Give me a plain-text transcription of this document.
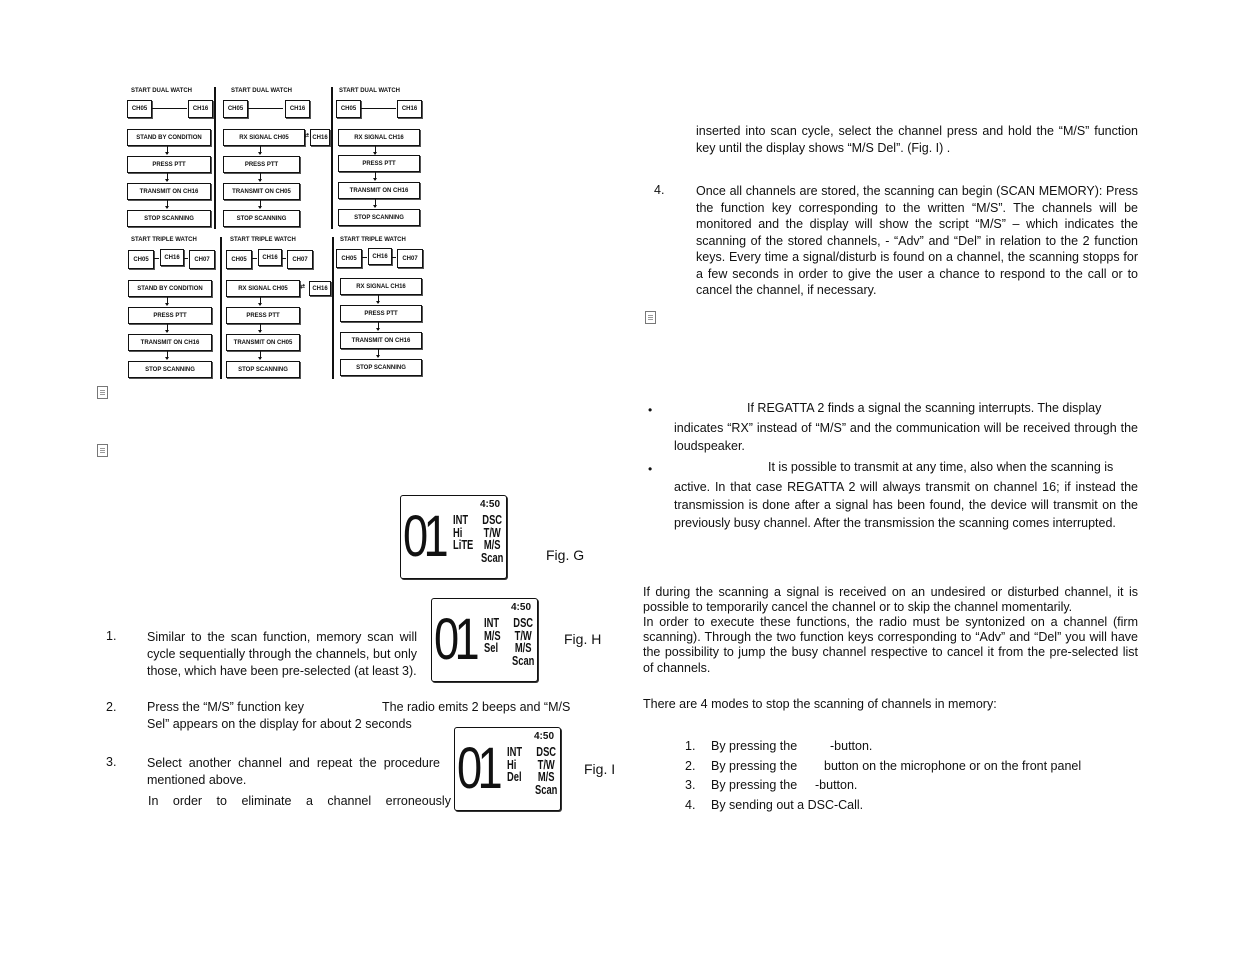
START DUAL WATCH
CH05	CH16
STAND BY CONDITION
PRESS PTT
TRANSMIT ON CH16
STOP SCANNING
START DUAL WATCH
CH05	CH16
RX SIGNAL CH05	⇄ CH16
PRESS PTT
TRANSMIT ON CH05
STOP SCANNING
START DUAL WATCH
CH05	CH16
RX SIGNAL CH16
PRESS PTT
TRANSMIT ON CH16
STOP SCANNING
START TRIPLE WATCH
CH05	CH16	CH07
STAND BY CONDITION
PRESS PTT
TRANSMIT ON CH16
STOP SCANNING
START TRIPLE WATCH
CH05	CH16	CH07
RX SIGNAL CH05	⇄	CH16
PRESS PTT
TRANSMIT ON CH05
STOP SCANNING
START TRIPLE WATCH
CH05	CH16	CH07
RX SIGNAL CH16
PRESS PTT
TRANSMIT ON CH16
STOP SCANNING
4:50
01 INT
Hi
LiTE
DSC
T/W
M/S
Scan	Fig. G
4:50
01 INT
M/S
Sel
DSC
T/W
M/S
Scan
Fig. H
4:50
01 INT
Hi
Del
DSC
T/W
M/S
Scan
Fig. I
1. Similar to the scan function, memory scan will cycle sequentially through the channels, but only those, which have been pre-selected (at least 3).
2. Press the “M/S” function key	The radio emits 2 beeps and “M/S
Sel” appears on the display for about 2 seconds
3. Select another channel and repeat the procedure mentioned above.
In order to eliminate a channel erroneously
inserted into scan cycle, select the channel press and hold the “M/S” function key until the display shows “M/S Del”. (Fig. I) .
4.	Once all channels are stored, the scanning can begin (SCAN MEMORY): Press the function key corresponding to the written “M/S”. The channels will be monitored and the display will show the script “M/S” – which indicates the scanning of the stored channels, - “Adv” and “Del” in relation to the 2 function keys. Every time a signal/disturb is found on a channel, the scanning stopps for a few seconds in order to give the user a chance to respond to the call or to cancel the channel, if necessary.
•	If REGATTA 2 finds a signal the scanning interrupts. The display
indicates “RX” instead of “M/S” and the communication will be received through the loudspeaker.
•	It is possible to transmit at any time, also when the scanning is
active. In that case REGATTA 2 will always transmit on channel 16; if instead the transmission is done after a signal has been found, the device will transmit on the previously busy channel. After the transmission the scanning comes interrupted.
If during the scanning a signal is received on an undesired or disturbed channel, it is possible to temporarily cancel the channel or to skip the channel momentarily.
In order to execute these functions, the radio must be syntonized on a channel (firm scanning). Through the two function keys corresponding to “Adv” and “Del” you will have the possibility to jump the busy channel respective to cancel it from the pre-selected list of channels.
There are 4 modes to stop the scanning of channels in memory:
1. By pressing the	-button.
2. By pressing the button on the microphone or on the front panel
3. By pressing the -button.
4. By sending out a DSC-Call.
